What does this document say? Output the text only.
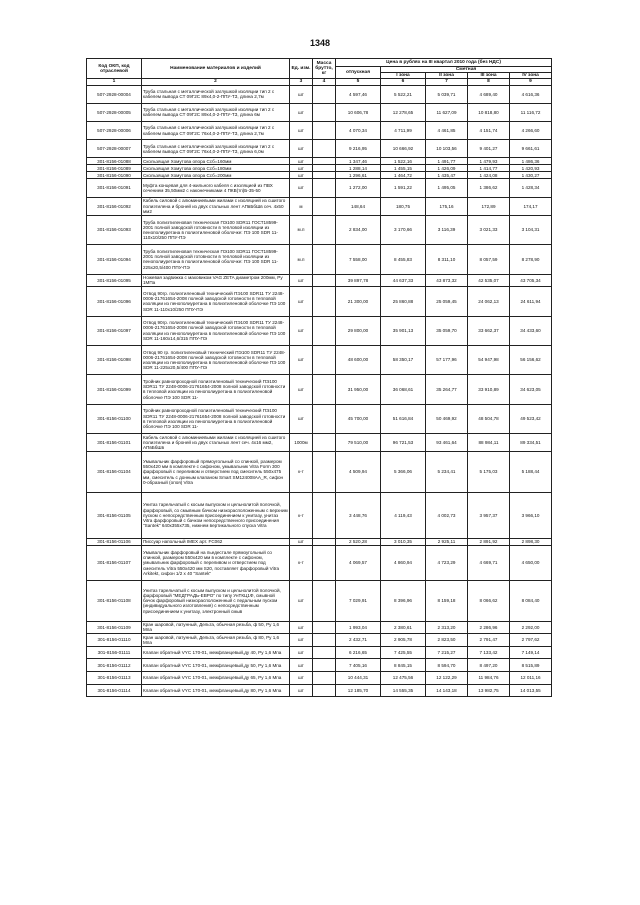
1348
Код ОКП, код отраслевой	Наименование материалов и изделий	Ед. изм.	Масса брутто, кг	Цена в рублях на III квартал 2010 года (без НДС)				
				отпускная	Сметная			
					I зона	II зона	III зона	IV зона
1	2	3	4	5	6	7	8	9
507-2928-00004	Труба стальная с металлической заглушкой изоляции тип 2 с кабелем вывода СТ 09Г2С 89х4,0-2-ППУ-ТЗ, длина 2,7м	шт		4 597,46	5 522,21	5 039,71	4 689,40	4 616,36
507-2928-00005	Труба стальная с металлической заглушкой изоляции тип 2 с кабелем вывода СТ 09Г2С 89х4,0-2-ППУ-ТЗ, длина 6м	шт		10 606,78	12 278,65	11 627,09	10 818,80	11 116,72
507-2928-00006	Труба стальная с металлической заглушкой изоляции тип 2 с кабелем вывода СТ 09Г2С 76х4,0-2-ППУ-ТЗ, длина 2,7м	шт		4 070,34	4 711,99	4 461,85	4 151,74	4 266,60
507-2928-00007	Труба стальная с металлической заглушкой изоляции тип 2 с кабелем вывода СТ 09Г2С 76х4,0-2-ППУ-ТЗ, длина 6,0м	шт		9 216,95	10 666,92	10 103,56	9 401,27	9 661,61
301-8156-01088	Скользящая Хомутова опора Ссб=160мм	шт		1 347,46	1 522,16	1 491,77	1 479,93	1 486,36
301-8156-01089	Скользящая Хомутова опора Ссб=180мм	шт		1 288,14	1 455,15	1 426,09	1 414,77	1 420,93
301-8156-01090	Скользящая Хомутова опора Ссб=200мм	шт		1 296,61	1 464,72	1 435,47	1 424,08	1 430,27
301-8156-01091	Муфта концевая для 4-жильного кабеля с изоляцией из ПВХ сечением 35,50мм2 с наконечниками 4 ПКВ(тп)Б-35-50	шт		1 272,00	1 591,22	1 495,05	1 386,62	1 428,34
301-8156-01092	Кабель силовой с алюминиевыми жилами с изоляцией из сшитого полиэтилена и броней из двух стальных лент АПвБбШв сеч. 4х50 мм2	м		148,64	180,75	175,16	172,89	174,17
301-8156-01093	Труба полиэтиленовая техническая ПЭ100 SDR11 ГОСТ18599-2001 полной заводской готовности в тепловой изоляции из пенополиуретана в полиэтиленовой оболочке: ПЭ 100 SDR 11-110х10/250 ППУ-ПЭ	м.п		2 834,00	3 170,66	3 116,39	3 021,33	3 104,31
301-8156-01094	Труба полиэтиленовая техническая ПЭ100 SDR11 ГОСТ18599-2001 полной заводской готовности в тепловой изоляции из пенополиуретана в полиэтиленовой оболочке: ПЭ 100 SDR 11-225х20,5/400 ППУ-ПЭ	м.п		7 558,00	8 455,83	8 311,10	8 057,59	8 278,90
301-8156-01095	Ножевая задвижка с маховиком VAG ZETA диаметром 200мм, Ру 1МПа	шт		39 897,78	44 637,33	43 873,32	42 535,07	43 705,34
301-8156-01096	Отвод 90гр. полиэтиленовый технический ПЭ100 SDR11 ТУ 2248-0006-21761654-2008 полной заводской готовности в тепловой изоляции из пенополиуретана в полиэтиленовой оболочке ПЭ 100 SDR 11-110х10/250 ППУ-ПЭ	шт		21 300,00	25 860,88	25 059,45	24 062,13	24 611,94
301-8156-01097	Отвод 90гр. полиэтиленовый технический ПЭ100 SDR11 ТУ 2248-0006-21761654-2008 полной заводской готовности в тепловой изоляции из пенополиуретана в полиэтиленовой оболочке ПЭ 100 SDR 11-160х14,6/315 ППУ-ПЭ	шт		29 800,00	35 901,13	35 059,70	33 662,37	34 433,60
301-8156-01098	Отвод 90 гр. полиэтиленовый технический ПЭ100 SDR11 ТУ 2248-0006-21761654-2008 полной заводской готовности в тепловой изоляции из пенополиуретана в полиэтиленовой оболочке ПЭ 100 SDR 11-225х20,5/400 ППУ-ПЭ	шт		48 600,00	58 350,17	57 177,96	54 947,98	56 156,62
301-8156-01099	Тройник равнопроходной полиэтиленовый технический ПЭ100 SDR11 ТУ 2248-0006-21761654-2008 полной заводской готовности в тепловой изоляции из пенополиуретана в полиэтиленовой оболочке ПЭ 100 SDR 11-	шт		31 950,00	36 068,61	35 264,77	33 910,89	34 623,05
301-8156-01100	Тройник равнопроходной полиэтиленовый технический ПЭ100 SDR11 ТУ 2248-0006-21761654-2008 полной заводской готовности в тепловой изоляции из пенополиуретана в полиэтиленовой оболочке ПЭ 100 SDR 11-	шт		45 700,00	51 616,84	50 469,92	48 504,78	49 523,42
301-8156-01101	Кабель силовой с алюминиевыми жилами с изоляцией из сшитого полиэтилена и броней из двух стальных лент сеч. 4х16 мм2, АПвБбШв	1000м		79 510,00	96 721,53	93 461,64	88 984,11	89 334,51
301-8156-01104	Умывальник фарфоровый прямоугольный со спинкой, размером 550х420 мм в комплекте с сифоном, умывальник Vitra Form 300 фарфоровый с переливом и отверстием под смеситель 550х475 мм, смеситель с донным клапаном Smart SM124008AA_R, сифон 0-образный (опоя) Vitra	к-т		4 509,94	5 366,06	5 234,41	5 175,03	5 188,44
301-8156-01105	Унитаз тарельчатый с косым выпуском и цельнолитой полочкой, фарфоровый, со смывным бачком низкорасположенным с верхним пуском с непосредственным присоединением к унитазу, унитаз Vitra фарфоровый с бачком непосредственного присоединения "Santek" 640х355х735, нижнем вертикального спуска Vitra	к-т		3 448,76	4 119,43	4 002,73	3 957,37	3 966,10
301-8156-01106	Писсуар напольный IMEX арт. FC062	шт		2 520,28	3 010,35	2 925,11	2 891,92	2 898,30
301-8156-01107	Умывальник фарфоровый на пьедестале прямоугольный со спинкой, размером 550х420 мм в комплекте с сифоном, умывальник фарфоровый с переливом и отверстием под смеситель Vitra 550х420 мм S20, поставляет фарфоровый Vitra Arkitekt, сифон 1/2 х 40 "Santek"	к-т		4 069,57	4 860,94	4 723,29	4 669,71	4 650,00
301-8156-01108	Унитаз тарельчатый с косым выпуском и цельнолитой полочкой, фарфоровый "МЕДГРАДЬ-ЕВРО" по типу УнТКЦ1Ф, смывной бачок фарфоровый низкорасположенный с педальным пуском (индивидуального изготовления) с непосредственным присоединением к унитазу, электронный смыв	шт		7 029,91	8 396,96	8 159,18	8 066,62	8 084,40
301-8156-01109	Кран шаровой, латунный, Дельта, обычная резьба, ф 50, Ру 1,6 Мпа	шт		1 993,04	2 380,61	2 313,20	2 286,96	2 292,00
301-8156-01110	Кран шаровой, латунный, Дельта, обычная резьба, ф 80, Ру 1,6 Мпа	шт		2 432,71	2 905,78	2 823,50	2 791,47	2 797,62
301-8156-01111	Клапан обратный VYC 170-01, межфланцевый,ду 40, Ру 1,6 Мпа	шт		6 216,65	7 425,55	7 215,27	7 133,42	7 149,14
301-8156-01112	Клапан обратный VYC 170-01, межфланцевый,ду 50, Ру 1,6 Мпа	шт		7 405,16	8 845,15	8 594,70	8 497,20	8 515,89
301-8156-01113	Клапан обратный VYC 170-01, межфланцевый,ду 65, Ру 1,6 Мпа	шт		10 444,31	12 475,56	12 122,29	11 984,76	12 011,16
301-8156-01114	Клапан обратный VYC 170-01, межфланцевый,ду 80, Ру 1,6 Мпа	шт		12 185,70	14 555,35	14 143,18	13 982,75	14 013,55
